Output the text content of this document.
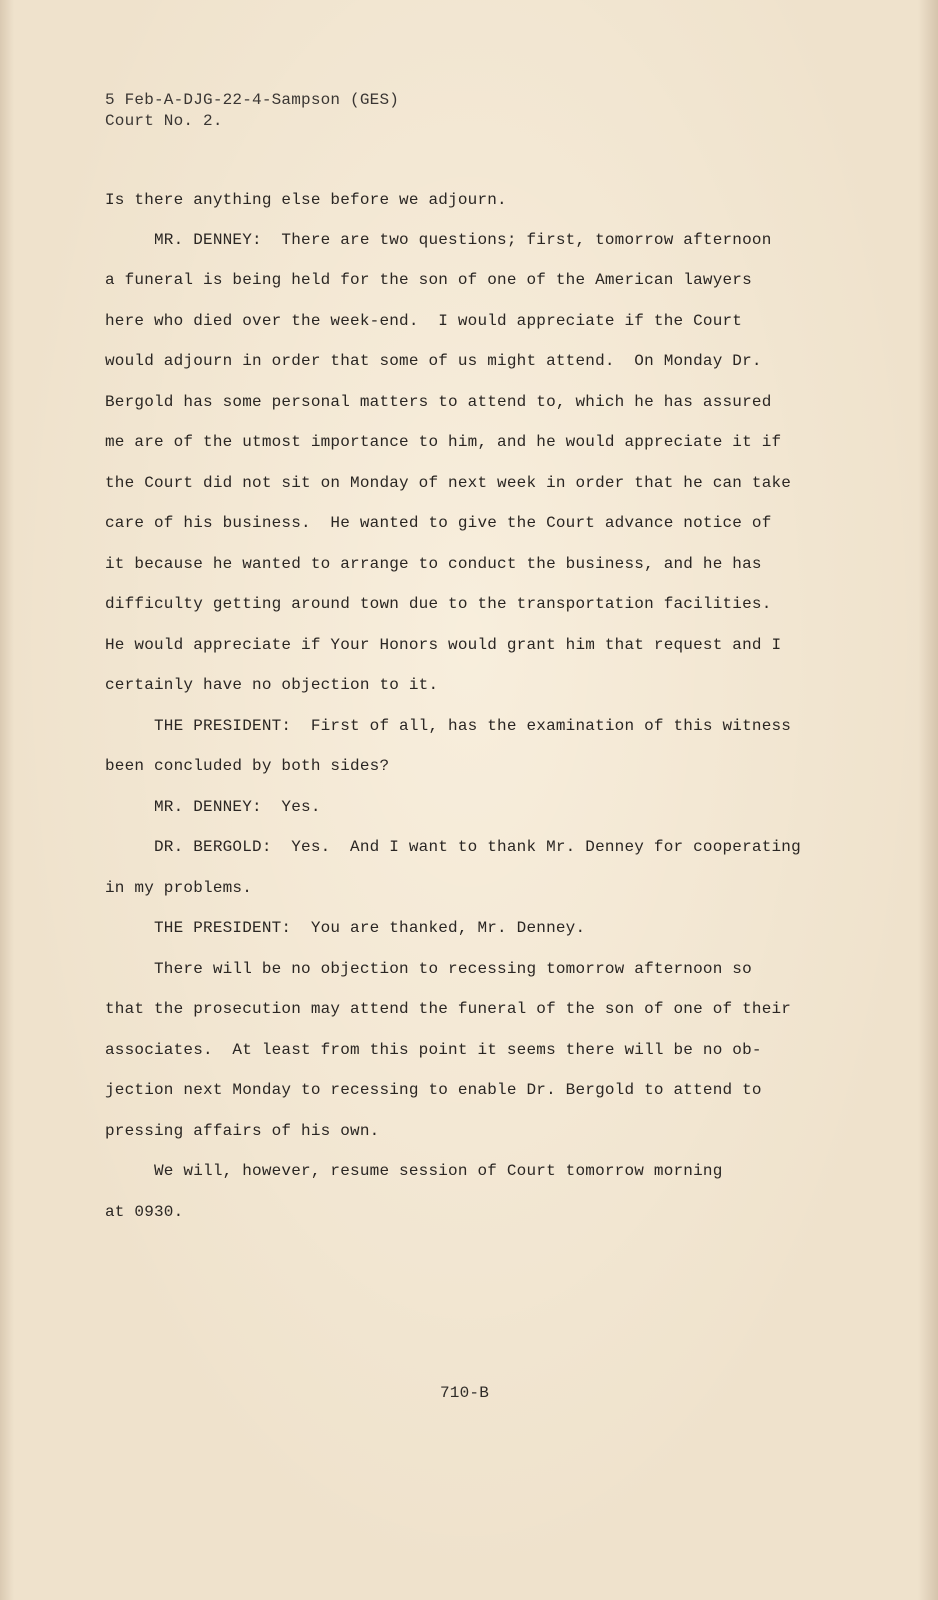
5 Feb-A-DJG-22-4-Sampson (GES)
Court No. 2.
Is there anything else before we adjourn.
MR. DENNEY:  There are two questions; first, tomorrow afternoon
a funeral is being held for the son of one of the American lawyers
here who died over the week-end.  I would appreciate if the Court
would adjourn in order that some of us might attend.  On Monday Dr.
Bergold has some personal matters to attend to, which he has assured
me are of the utmost importance to him, and he would appreciate it if
the Court did not sit on Monday of next week in order that he can take
care of his business.  He wanted to give the Court advance notice of
it because he wanted to arrange to conduct the business, and he has
difficulty getting around town due to the transportation facilities.
He would appreciate if Your Honors would grant him that request and I
certainly have no objection to it.
THE PRESIDENT:  First of all, has the examination of this witness
been concluded by both sides?
MR. DENNEY:  Yes.
DR. BERGOLD:  Yes.  And I want to thank Mr. Denney for cooperating
in my problems.
THE PRESIDENT:  You are thanked, Mr. Denney.
There will be no objection to recessing tomorrow afternoon so
that the prosecution may attend the funeral of the son of one of their
associates.  At least from this point it seems there will be no ob-
jection next Monday to recessing to enable Dr. Bergold to attend to
pressing affairs of his own.
We will, however, resume session of Court tomorrow morning
at 0930.
710-B
